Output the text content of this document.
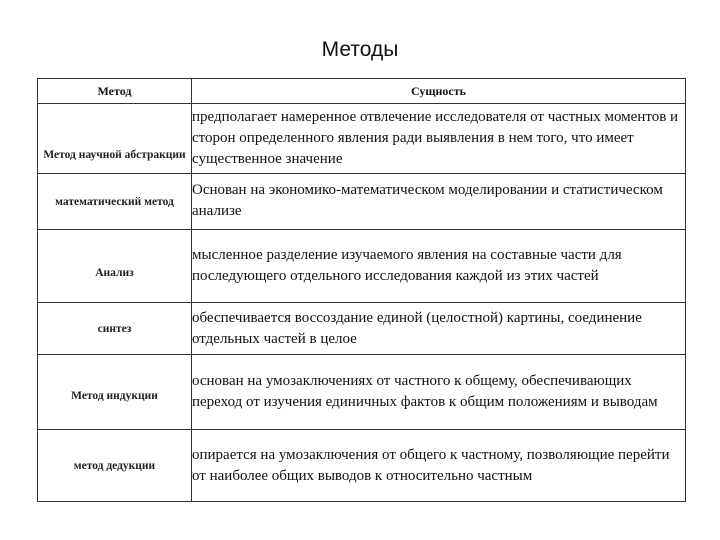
Методы
Метод	Сущность
Метод научной абстракции	предполагает намеренное отвлечение исследователя от частных моментов и сторон определенного явления ради выявления в нем того, что имеет существенное значение
математический метод	Основан на экономико-математическом моделировании и статистическом анализе
Анализ	мысленное разделение изучаемого явления на составные части для последующего отдельного исследования каждой из этих частей
синтез	обеспечивается воссоздание единой (целостной) картины, соединение отдельных частей в целое
Метод индукции	основан на умозаключениях от частного к общему, обеспечивающих переход от изучения единичных фактов к общим положениям и выводам
метод дедукции	опирается на умозаключения от общего к частному, позволяющие перейти от наиболее общих выводов к относительно частным
